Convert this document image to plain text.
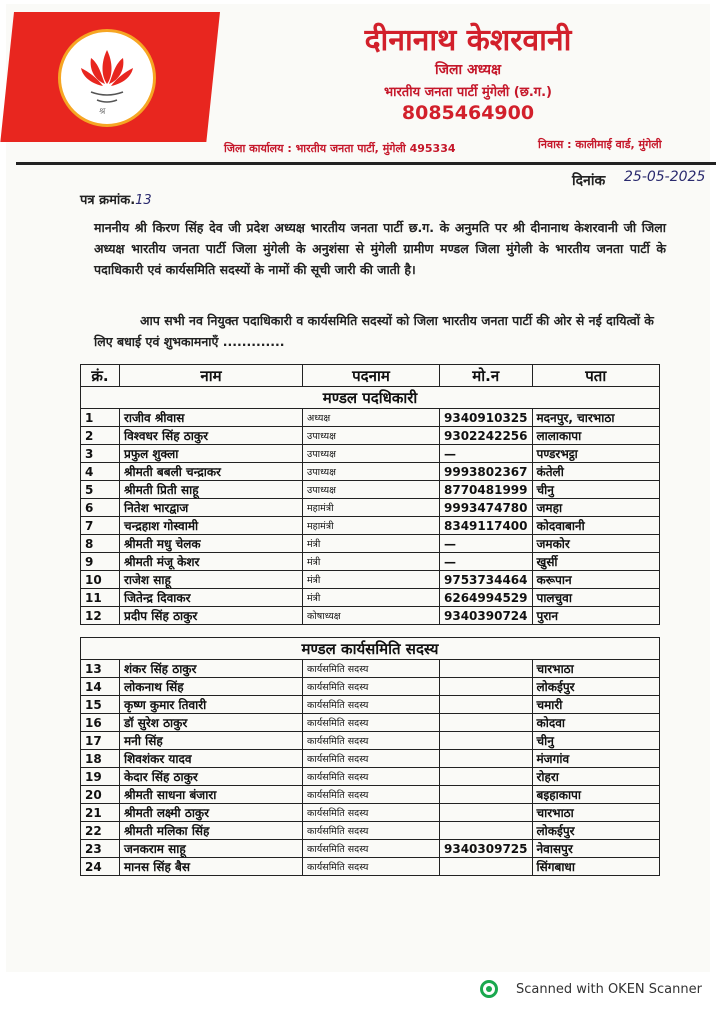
श्र
दीनानाथ केशरवानी
जिला अध्यक्ष
भारतीय जनता पार्टी मुंगेली (छ.ग.)
8085464900
निवास : कालीमाई वार्ड, मुंगेली
जिला कार्यालय : भारतीय जनता पार्टी, मुंगेली 495334
दिनांक 25-05-2025
पत्र क्रमांक.13
माननीय श्री किरण सिंह देव जी प्रदेश अध्यक्ष भारतीय जनता पार्टी छ.ग. के अनुमति पर श्री दीनानाथ केशरवानी जी जिला अध्यक्ष भारतीय जनता पार्टी जिला मुंगेली के अनुशंसा से मुंगेली ग्रामीण मण्डल जिला मुंगेली के भारतीय जनता पार्टी के पदाधिकारी एवं कार्यसमिति सदस्यों के नामों की सूची जारी की जाती है।
आप सभी नव नियुक्त पदाधिकारी व कार्यसमिति सदस्यों को जिला भारतीय जनता पार्टी की ओर से नई दायित्वों के लिए बधाई एवं शुभकामनाएँ .............
क्रं.	नाम	पदनाम	मो.न	पता
मण्डल पदधिकारी				
1	राजीव श्रीवास	अध्यक्ष	9340910325	मदनपुर, चारभाठा
2	विश्वधर सिंह ठाकुर	उपाध्यक्ष	9302242256	लालाकापा
3	प्रफुल शुक्ला	उपाध्यक्ष	—	पण्डरभट्ठा
4	श्रीमती बबली चन्द्राकर	उपाध्यक्ष	9993802367	कंतेली
5	श्रीमती प्रिती साहू	उपाध्यक्ष	8770481999	चीनु
6	नितेश भारद्वाज	महामंत्री	9993474780	जमहा
7	चन्द्रहाश गोस्वामी	महामंत्री	8349117400	कोदवाबानी
8	श्रीमती मधु चेलक	मंत्री	—	जमकोर
9	श्रीमती मंजू केशर	मंत्री	—	खुर्सी
10	राजेश साहू	मंत्री	9753734464	करूपान
11	जितेन्द्र दिवाकर	मंत्री	6264994529	पालचुवा
12	प्रदीप सिंह ठाकुर	कोषाध्यक्ष	9340390724	पुरान

मण्डल कार्यसमिति सदस्य				
13	शंकर सिंह ठाकुर	कार्यसमिति सदस्य		चारभाठा
14	लोकनाथ सिंह	कार्यसमिति सदस्य		लोकईपुर
15	कृष्ण कुमार तिवारी	कार्यसमिति सदस्य		चमारी
16	डॉ सुरेश ठाकुर	कार्यसमिति सदस्य		कोदवा
17	मनी सिंह	कार्यसमिति सदस्य		चीनु
18	शिवशंकर यादव	कार्यसमिति सदस्य		मंजगांव
19	केदार सिंह ठाकुर	कार्यसमिति सदस्य		रोहरा
20	श्रीमती साधना बंजारा	कार्यसमिति सदस्य		बइहाकापा
21	श्रीमती लक्ष्मी ठाकुर	कार्यसमिति सदस्य		चारभाठा
22	श्रीमती मलिका सिंह	कार्यसमिति सदस्य		लोकईपुर
23	जनकराम साहू	कार्यसमिति सदस्य	9340309725	नेवासपुर
24	मानस सिंह बैस	कार्यसमिति सदस्य		सिंगबाधा
Scanned with OKEN Scanner
